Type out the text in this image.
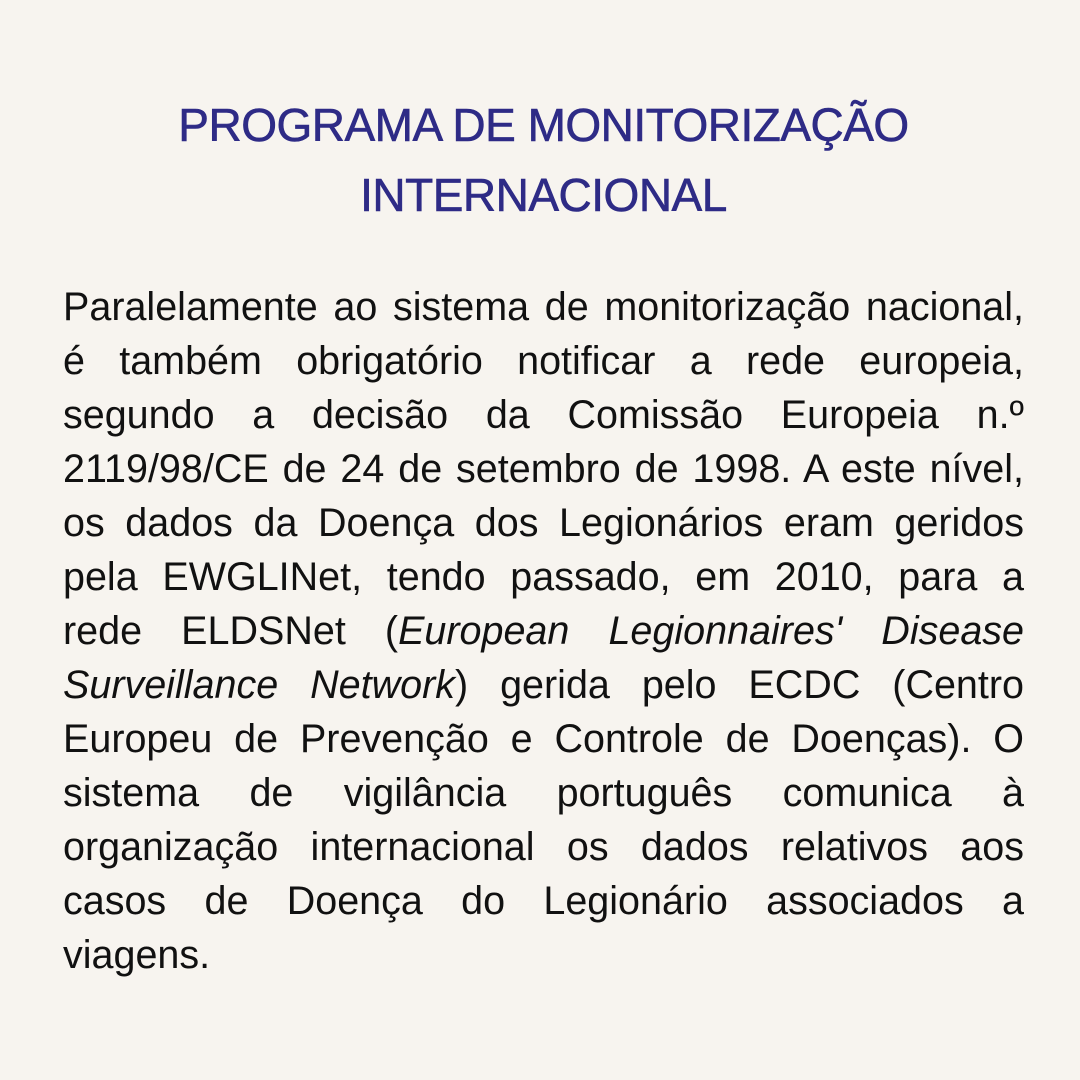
PROGRAMA DE MONITORIZAÇÃO
INTERNACIONAL

Paralelamente ao sistema de monitorização nacional, é também obrigatório notificar a rede europeia, segundo a decisão da Comissão Europeia n.º 2119/98/CE de 24 de setembro de 1998. A este nível, os dados da Doença dos Legionários eram geridos pela EWGLINet, tendo passado, em 2010, para a rede ELDSNet (European Legionnaires' Disease Surveillance Network) gerida pelo ECDC (Centro Europeu de Prevenção e Controle de Doenças). O sistema de vigilância português comunica à organização internacional os dados relativos aos casos de Doença do Legionário associados a viagens.
